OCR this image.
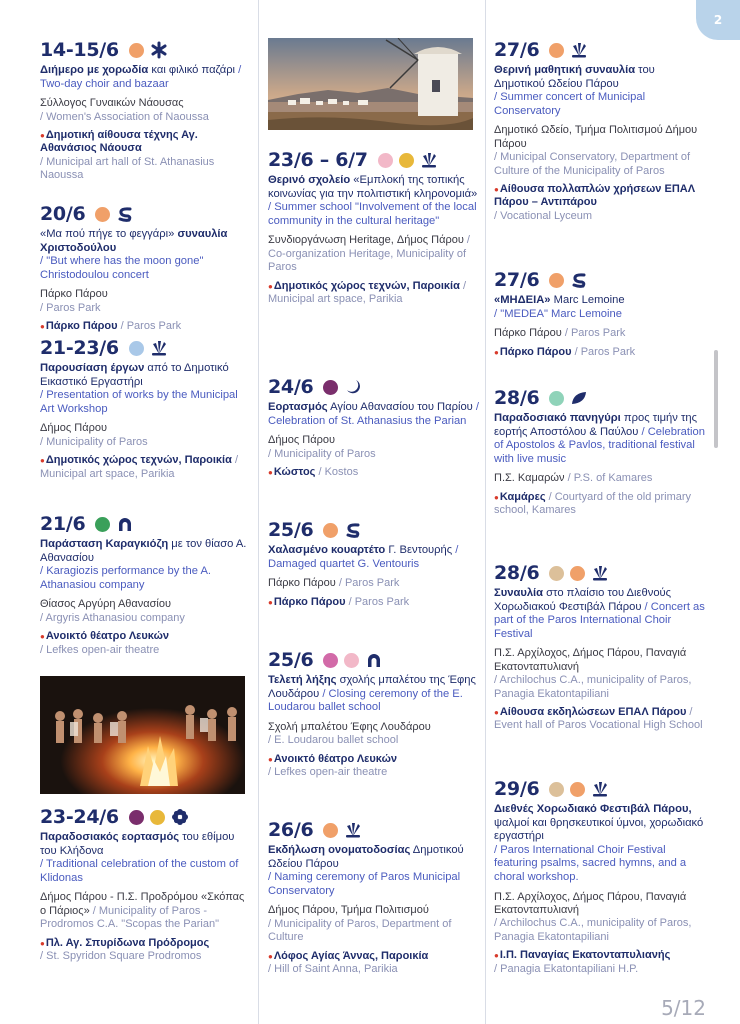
2
5/12
14-15/6
Διήμερο με χορωδία και φιλικό παζάρι/ Two-day choir and bazaar
Σύλλογος Γυναικών Νάουσας
/ Women's Association of Naoussa
●Δημοτική αίθουσα τέχνης Αγ. Αθανάσιος Νάουσα
/ Municipal art hall of St. Athanasius Naoussa
20/6
«Μα πού πήγε το φεγγάρι» συναυλία Χριστοδούλου
/ "But where has the moon gone" Christodoulou concert
Πάρκο Πάρου
/ Paros Park
●Πάρκο Πάρου / Paros Park
21-23/6
Παρουσίαση έργων από το Δημοτικό Εικαστικό Εργαστήρι
/ Presentation of works by the Municipal Art Workshop
Δήμος Πάρου
/ Municipality of Paros
●Δημοτικός χώρος τεχνών, Παροικία/ Municipal art space, Parikia
21/6
Παράσταση Καραγκιόζη με τον θίασο Α. Αθανασίου
/ Karagiozis performance by the A. Athanasiou company
Θίασος Αργύρη Αθανασίου
/ Argyris Athanasiou company
●Ανοικτό θέατρο Λευκών
/ Lefkes open-air theatre
23-24/6
Παραδοσιακός εορτασμός του εθίμου του Κλήδονα
/ Traditional celebration of the custom of Klidonas
Δήμος Πάρου - Π.Σ. Προδρόμου «Σκόπας ο Πάριος» / Municipality of Paros - Prodromos C.A. "Scopas the Parian"
●Πλ. Αγ. Σπυρίδωνα Πρόδρομος
/ St. Spyridon Square Prodromos
23/6 – 6/7
Θερινό σχολείο «Εμπλοκή της τοπικής κοινωνίας για την πολιτιστική κληρονομιά»
/ Summer school "Involvement of the local community in the cultural heritage"
Συνδιοργάνωση Heritage, Δήμος Πάρου/ Co-organization Heritage, Municipality of Paros
●Δημοτικός χώρος τεχνών, Παροικία/ Municipal art space, Parikia
24/6
Εορτασμός Αγίου Αθανασίου του Παρίου/ Celebration of St. Athanasius the Parian
Δήμος Πάρου
/ Municipality of Paros
●Κώστος / Kostos
25/6
Χαλασμένο κουαρτέτο Γ. Βεντουρής/ Damaged quartet G. Ventouris
Πάρκο Πάρου / Paros Park
●Πάρκο Πάρου / Paros Park
25/6
Τελετή λήξης σχολής μπαλέτου της Έφης Λουδάρου / Closing ceremony of the E. Loudarou ballet school
Σχολή μπαλέτου Έφης Λουδάρου
/ E. Loudarou ballet school
●Ανοικτό θέατρο Λευκών
/ Lefkes open-air theatre
26/6
Εκδήλωση ονοματοδοσίας Δημοτικού Ωδείου Πάρου
/ Naming ceremony of Paros Municipal Conservatory
Δήμος Πάρου, Τμήμα Πολιτισμού
/ Municipality of Paros, Department of Culture
●Λόφος Αγίας Άννας, Παροικία
/ Hill of Saint Anna, Parikia
27/6
Θερινή μαθητική συναυλία του Δημοτικού Ωδείου Πάρου
/ Summer concert of Municipal Conservatory
Δημοτικό Ωδείο, Τμήμα Πολιτισμού Δήμου Πάρου
/ Municipal Conservatory, Department of Culture of the Municipality of Paros
●Αίθουσα πολλαπλών χρήσεων ΕΠΑΛ Πάρου – Αντιπάρου
/ Vocational Lyceum
27/6
«ΜΗΔΕΙΑ» Marc Lemoine
/ "MEDEA" Marc Lemoine
Πάρκο Πάρου / Paros Park
●Πάρκο Πάρου / Paros Park
28/6
Παραδοσιακό πανηγύρι προς τιμήν της εορτής Αποστόλου & Παύλου / Celebration of Apostolos & Pavlos, traditional festival with live music
Π.Σ. Καμαρών / P.S. of Kamares
●Καμάρες / Courtyard of the old primary school, Kamares
28/6
Συναυλία στο πλαίσιο του Διεθνούς Χορωδιακού Φεστιβάλ Πάρου / Concert as part of the Paros International Choir Festival
Π.Σ. Αρχίλοχος, Δήμος Πάρου, Παναγιά Εκατονταπυλιανή
/ Archilochus C.A., municipality of Paros, Panagia Ekatontapiliani
●Αίθουσα εκδηλώσεων ΕΠΑΛ Πάρου/ Event hall of Paros Vocational High School
29/6
Διεθνές Χορωδιακό Φεστιβάλ Πάρου, ψαλμοί και θρησκευτικοί ύμνοι, χορωδιακό εργαστήρι
/ Paros International Choir Festival featuring psalms, sacred hymns, and a choral workshop.
Π.Σ. Αρχίλοχος, Δήμος Πάρου, Παναγιά Εκατονταπυλιανή
/ Archilochus C.A., municipality of Paros, Panagia Ekatontapiliani
●Ι.Π. Παναγίας Εκατονταπυλιανής
/ Panagia Ekatontapiliani H.P.
